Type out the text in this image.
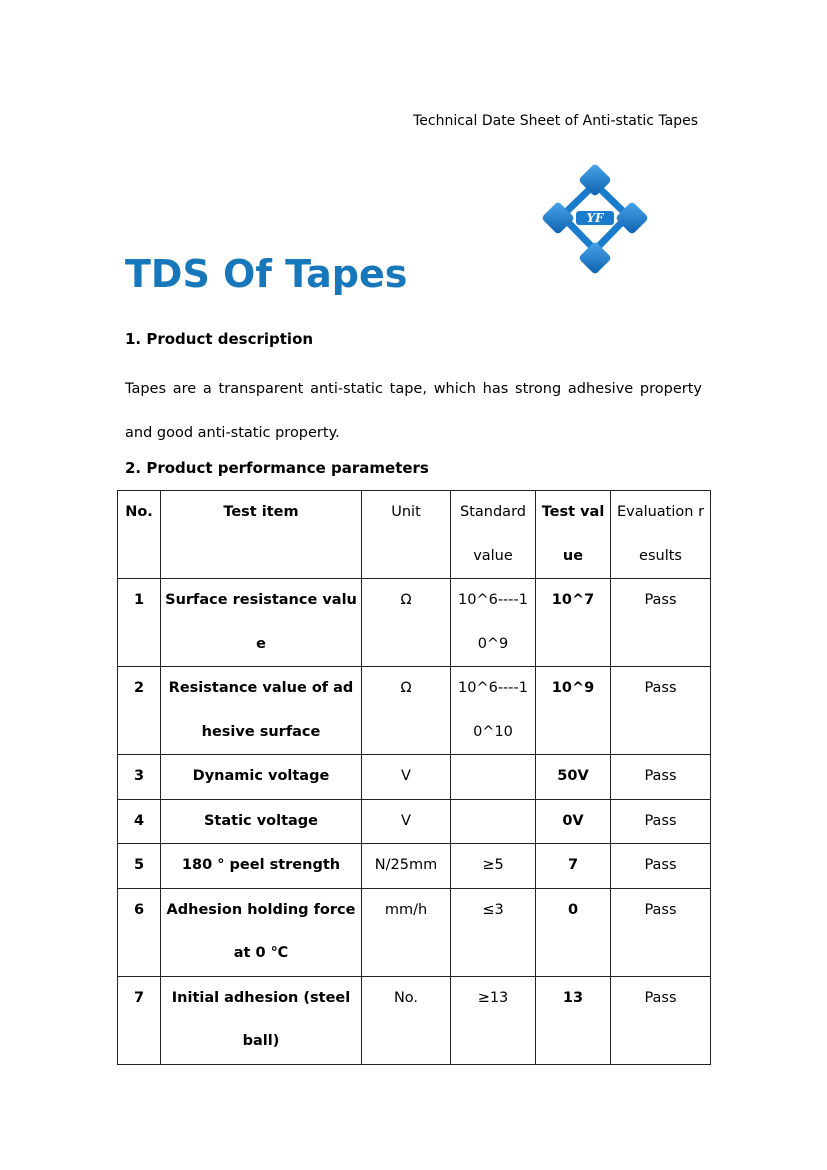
Technical Date Sheet of Anti-static Tapes
YF
TDS Of Tapes
1. Product description

Tapes are a transparent anti-static tape, which has strong adhesive property and good anti-static property.

2. Product performance parameters
No.	Test item	Unit	Standard value	Test value	Evaluation results
1	Surface resistance value	Ω	10^6----10^9	10^7	Pass
2	Resistance value of adhesive surface	Ω	10^6----10^10	10^9	Pass
3	Dynamic voltage	V		50V	Pass
4	Static voltage	V		0V	Pass
5	180 ° peel strength	N/25mm	≥5	7	Pass
6	Adhesion holding force at 0 ℃	mm/h	≤3	0	Pass
7	Initial adhesion (steel ball)	No.	≥13	13	Pass
